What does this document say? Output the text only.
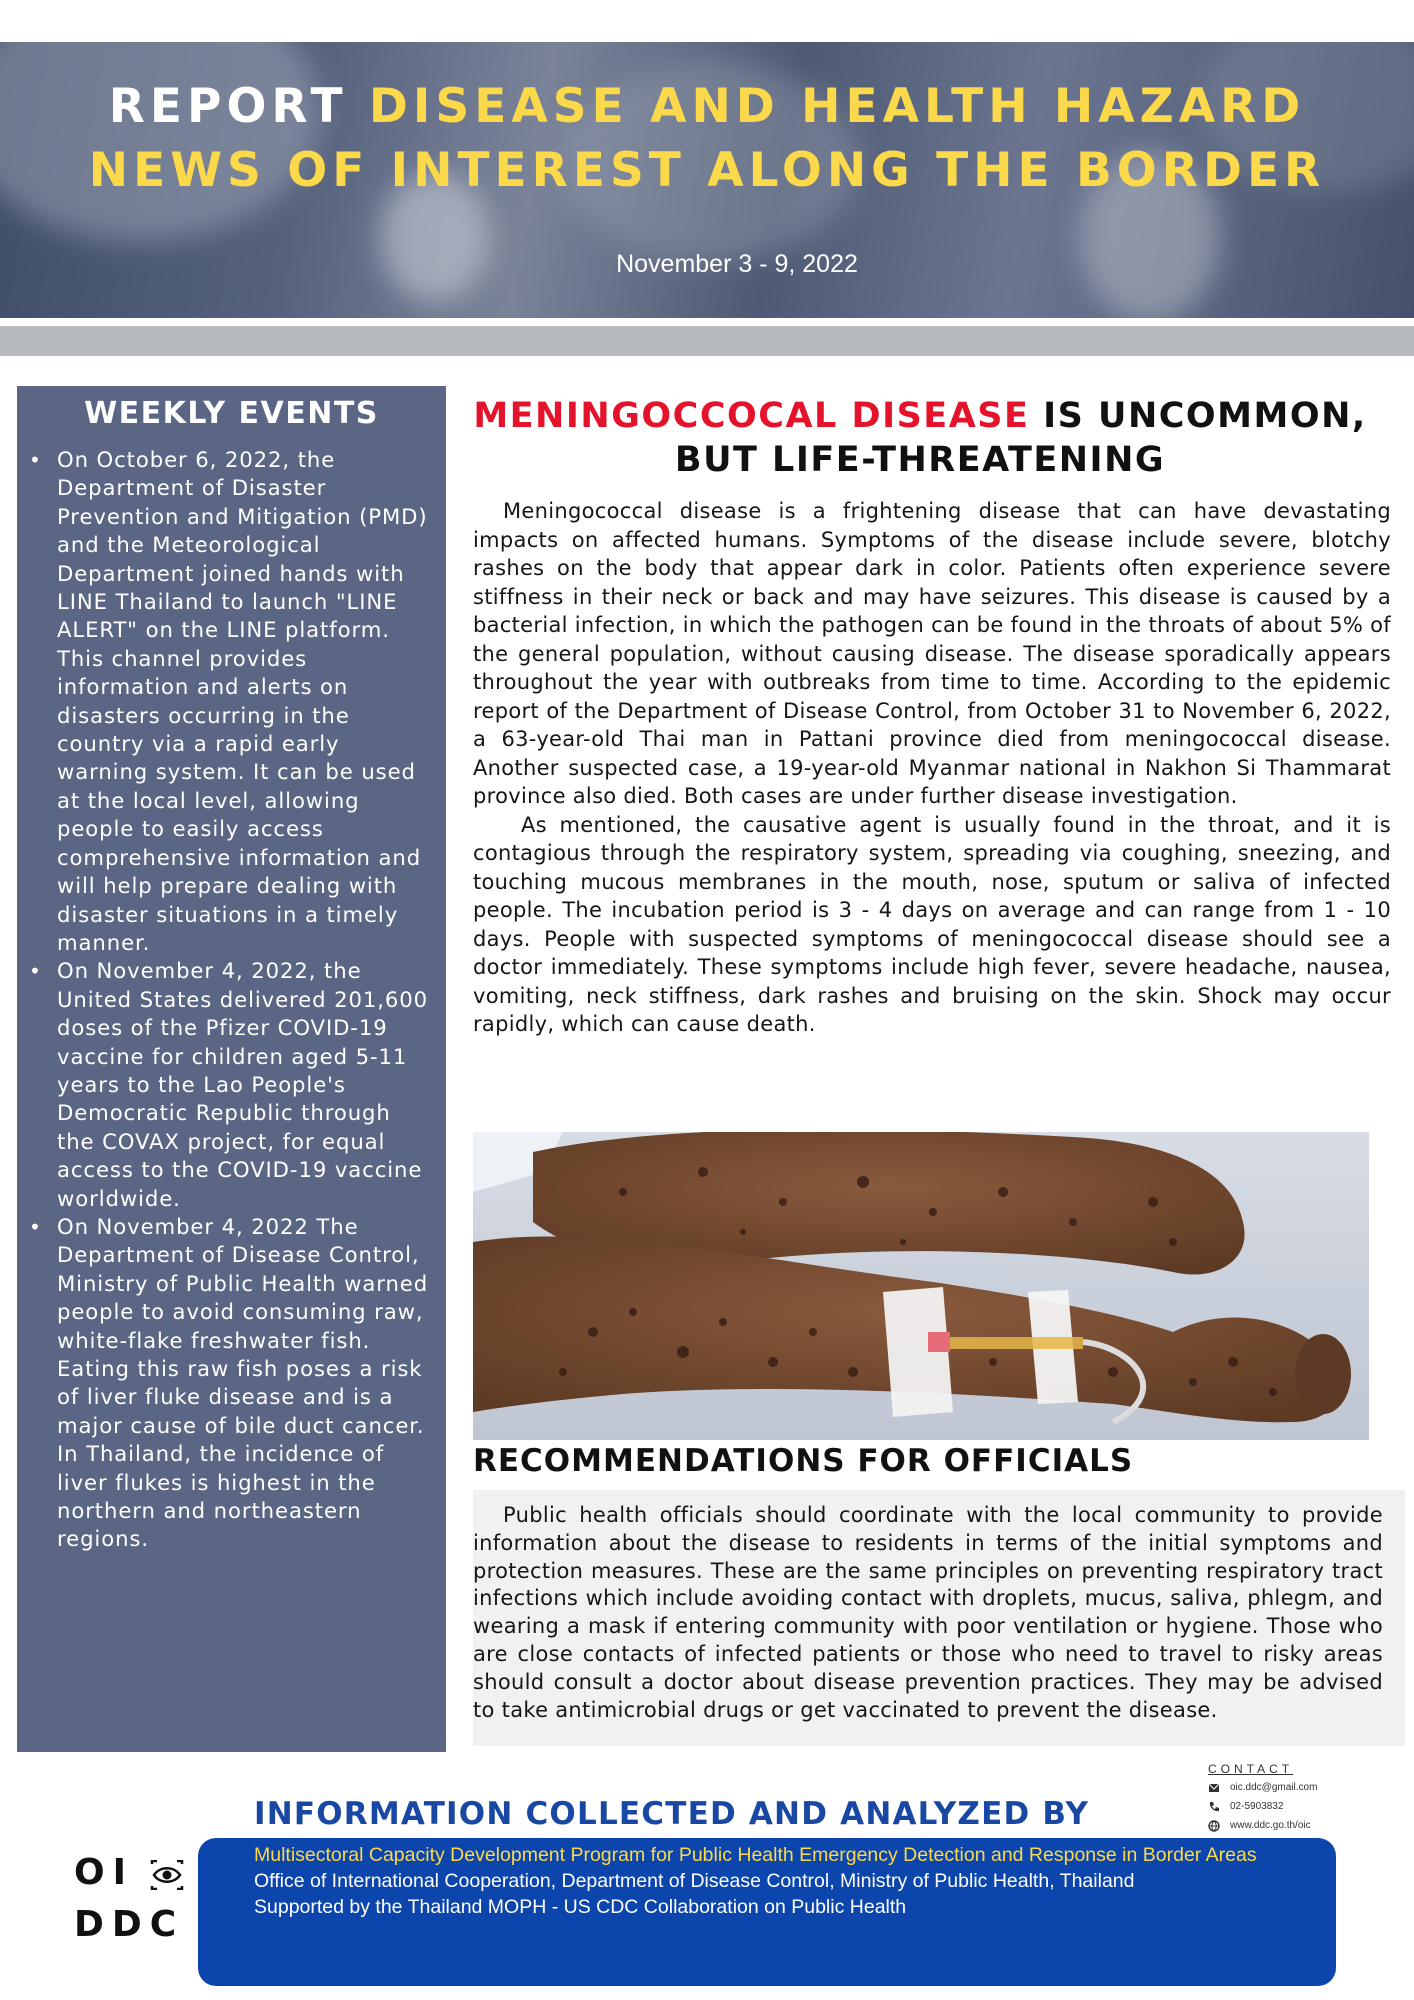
REPORT DISEASE AND HEALTH HAZARD
NEWS OF INTEREST ALONG THE BORDER
November 3 - 9, 2022
WEEKLY EVENTS
• On October 6, 2022, the Department of Disaster Prevention and Mitigation (PMD) and the Meteorological Department joined hands with LINE Thailand to launch "LINE ALERT" on the LINE platform. This channel provides information and alerts on disasters occurring in the country via a rapid early warning system. It can be used at the local level, allowing people to easily access comprehensive information and will help prepare dealing with disaster situations in a timely manner.
• On November 4, 2022, the United States delivered 201,600 doses of the Pfizer COVID-19 vaccine for children aged 5-11 years to the Lao People's Democratic Republic through the COVAX project, for equal access to the COVID-19 vaccine worldwide.
• On November 4, 2022 The Department of Disease Control, Ministry of Public Health warned people to avoid consuming raw, white-flake freshwater fish. Eating this raw fish poses a risk of liver fluke disease and is a major cause of bile duct cancer. In Thailand, the incidence of liver flukes is highest in the northern and northeastern regions.
MENINGOCCOCAL DISEASE IS UNCOMMON,
BUT LIFE-THREATENING

Meningococcal disease is a frightening disease that can have devastating impacts on affected humans. Symptoms of the disease include severe, blotchy rashes on the body that appear dark in color. Patients often experience severe stiffness in their neck or back and may have seizures. This disease is caused by a bacterial infection, in which the pathogen can be found in the throats of about 5% of the general population, without causing disease. The disease sporadically appears throughout the year with outbreaks from time to time. According to the epidemic report of the Department of Disease Control, from October 31 to November 6, 2022, a 63-year-old Thai man in Pattani province died from meningococcal disease. Another suspected case, a 19-year-old Myanmar national in Nakhon Si Thammarat province also died. Both cases are under further disease investigation.

As mentioned, the causative agent is usually found in the throat, and it is contagious through the respiratory system, spreading via coughing, sneezing, and touching mucous membranes in the mouth, nose, sputum or saliva of infected people. The incubation period is 3 - 4 days on average and can range from 1 - 10 days. People with suspected symptoms of meningococcal disease should see a doctor immediately. These symptoms include high fever, severe headache, nausea, vomiting, neck stiffness, dark rashes and bruising on the skin. Shock may occur rapidly, which can cause death.

RECOMMENDATIONS FOR OFFICIALS

Public health officials should coordinate with the local community to provide information about the disease to residents in terms of the initial symptoms and protection measures. These are the same principles on preventing respiratory tract infections which include avoiding contact with droplets, mucus, saliva, phlegm, and wearing a mask if entering community with poor ventilation or hygiene. Those who are close contacts of infected patients or those who need to travel to risky areas should consult a doctor about disease prevention practices. They may be advised to take antimicrobial drugs or get vaccinated to prevent the disease.

CONTACT
oic.ddc@gmail.com
02-5903832
www.ddc.go.th/oic
INFORMATION COLLECTED AND ANALYZED BY
OI
DDC
Multisectoral Capacity Development Program for Public Health Emergency Detection and Response in Border Areas
Office of International Cooperation, Department of Disease Control, Ministry of Public Health, Thailand
Supported by the Thailand MOPH - US CDC Collaboration on Public Health
